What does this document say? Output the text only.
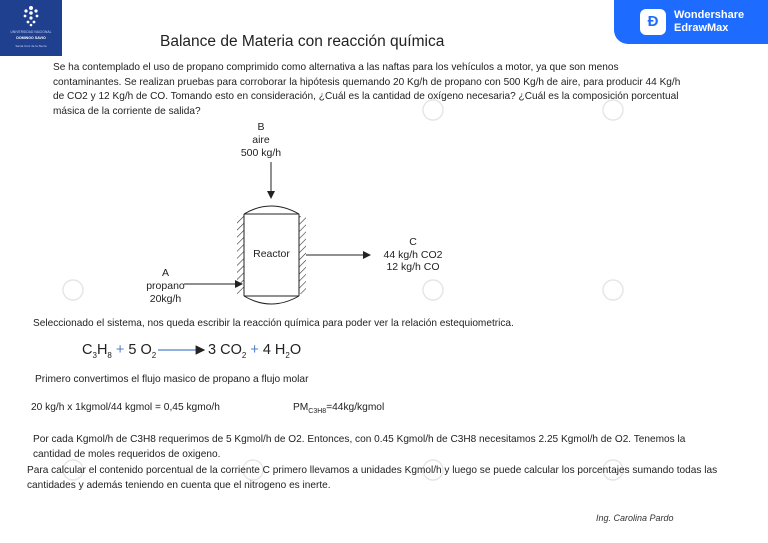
UNIVERSIDAD NACIONAL
DOMINGO SAVIO
Santa Cruz de la Sierra
Ð	Wondershare
EdrawMax
Balance de Materia con reacción química
Se ha contemplado el uso de propano comprimido como alternativa a las naftas para los vehículos a motor, ya que son menos contaminantes. Se realizan pruebas para corroborar la hipótesis quemando 20 Kg/h de propano con 500 Kg/h de aire, para producir 44 Kg/h de CO2 y 12 Kg/h de CO. Tomando esto en consideración, ¿Cuál es la cantidad de oxígeno necesaria? ¿Cuál es la composición porcentual másica de la corriente de salida?
B
aire
500 kg/h
Reactor
A
propano
20kg/h
C
44 kg/h CO2
12 kg/h CO
Seleccionado el sistema, nos queda escribir la reacción química para poder ver la relación estequiometrica.
$C_3H_8 + 5$ $O_2$	3 $CO_2 + 4$ $H_2O$
Primero convertimos el flujo masico de propano a flujo molar
20 kg/h x 1kgmol/44 kgmol = 0,45 kgmo/h	$PM_{C3H8}=44kg$/kgmol
Por cada Kgmol/h de C3H8 requerimos de 5 Kgmol/h de O2. Entonces, con 0.45 Kgmol/h de C3H8 necesitamos 2.25 Kgmol/h de O2. Tenemos la cantidad de moles requeridos de oxigeno.
Para calcular el contenido porcentual de la corriente C primero llevamos a unidades Kgmol/h y luego se puede calcular los porcentajes sumando todas las cantidades y además teniendo en cuenta que el nitrogeno es inerte.
Ing. Carolina Pardo
